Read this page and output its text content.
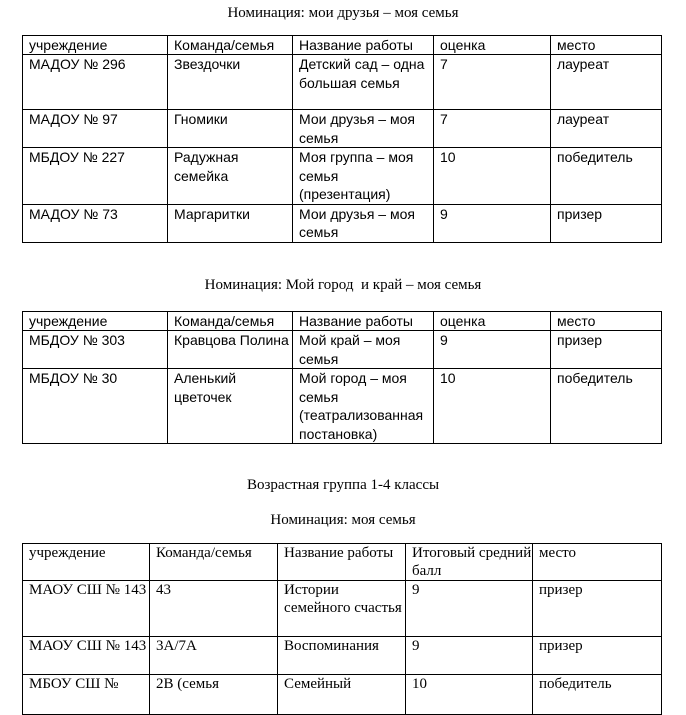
Номинация: мои друзья – моя семья
учреждение	Команда/семья	Название работы	оценка	место
МАДОУ № 296	Звездочки	Детский сад – одна большая семья	7	лауреат
МАДОУ № 97	Гномики	Мои друзья – моя семья	7	лауреат
МБДОУ № 227	Радужная семейка	Моя группа – моя семья (презентация)	10	победитель
МАДОУ № 73	Маргаритки	Мои друзья – моя семья	9	призер
Номинация: Мой город  и край – моя семья
учреждение	Команда/семья	Название работы	оценка	место
МБДОУ № 303	Кравцова Полина	Мой край – моя семья	9	призер
МБДОУ № 30	Аленький цветочек	Мой город – моя семья (театрализованная постановка)	10	победитель
Возрастная группа 1-4 классы
Номинация: моя семья
учреждение	Команда/семья	Название работы	Итоговый средний балл	место
МАОУ СШ № 143	43	Истории семейного счастья	9	призер
МАОУ СШ № 143	3А/7А	Воспоминания	9	призер
МБОУ СШ №	2В (семья	Семейный	10	победитель
